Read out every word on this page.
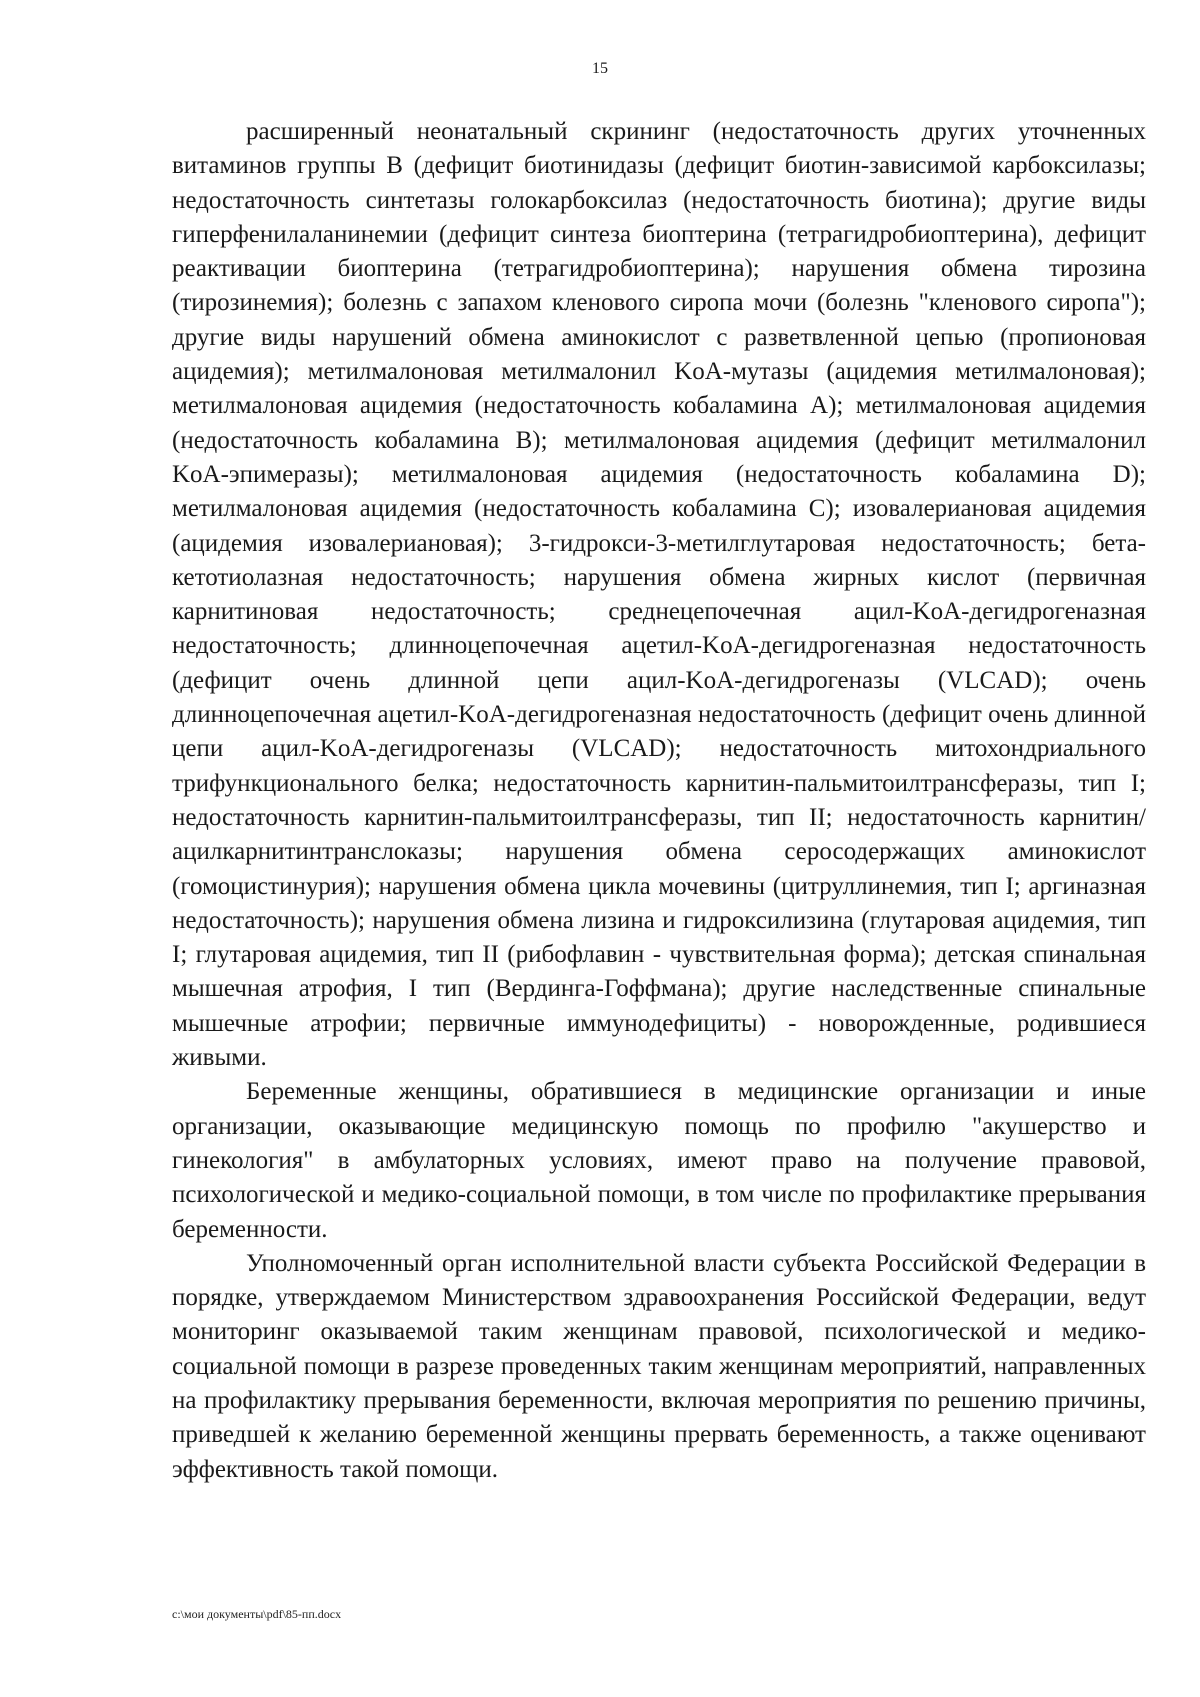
15

расширенный неонатальный скрининг (недостаточность других уточненных витаминов группы B (дефицит биотинидазы (дефицит биотин-зависимой карбоксилазы; недостаточность синтетазы голокарбоксилаз (недостаточность биотина); другие виды гиперфенилаланинемии (дефицит синтеза биоптерина (тетрагидробиоптерина), дефицит реактивации биоптерина (тетрагидробиоптерина); нарушения обмена тирозина (тирозинемия); болезнь с запахом кленового сиропа мочи (болезнь "кленового сиропа"); другие виды нарушений обмена аминокислот с разветвленной цепью (пропионовая ацидемия); метилмалоновая метилмалонил KoA-мутазы (ацидемия метилмалоновая); метилмалоновая ацидемия (недостаточность кобаламина A); метилмалоновая ацидемия (недостаточность кобаламина B); метилмалоновая ацидемия (дефицит метилмалонил KoA-эпимеразы); метилмалоновая ацидемия (недостаточность кобаламина D); метилмалоновая ацидемия (недостаточность кобаламина C); изовалериановая ацидемия (ацидемия изовалериановая); 3-гидрокси-3-метилглутаровая недостаточность; бета-кетотиолазная недостаточность; нарушения обмена жирных кислот (первичная карнитиновая недостаточность; среднецепочечная ацил-KoA-дегидрогеназная недостаточность; длинноцепочечная ацетил-KoA-дегидрогеназная недостаточность (дефицит очень длинной цепи ацил-KoA-дегидрогеназы (VLCAD); очень длинноцепочечная ацетил-KoA-дегидрогеназная недостаточность (дефицит очень длинной цепи ацил-KoA-дегидрогеназы (VLCAD); недостаточность митохондриального трифункционального белка; недостаточность карнитин-пальмитоилтрансферазы, тип I; недостаточность карнитин-пальмитоилтрансферазы, тип II; недостаточность карнитин/ацилкарнитинтранслоказы; нарушения обмена серосодержащих аминокислот (гомоцистинурия); нарушения обмена цикла мочевины (цитруллинемия, тип I; аргиназная недостаточность); нарушения обмена лизина и гидроксилизина (глутаровая ацидемия, тип I; глутаровая ацидемия, тип II (рибофлавин - чувствительная форма); детская спинальная мышечная атрофия, I тип (Вердинга-Гоффмана); другие наследственные спинальные мышечные атрофии; первичные иммунодефициты) - новорожденные, родившиеся живыми.

Беременные женщины, обратившиеся в медицинские организации и иные организации, оказывающие медицинскую помощь по профилю "акушерство и гинекология" в амбулаторных условиях, имеют право на получение правовой, психологической и медико-социальной помощи, в том числе по профилактике прерывания беременности.

Уполномоченный орган исполнительной власти субъекта Российской Федерации в порядке, утверждаемом Министерством здравоохранения Российской Федерации, ведут мониторинг оказываемой таким женщинам правовой, психологической и медико-социальной помощи в разрезе проведенных таким женщинам мероприятий, направленных на профилактику прерывания беременности, включая мероприятия по решению причины, приведшей к желанию беременной женщины прервать беременность, а также оценивают эффективность такой помощи.

c:\мои документы\pdf\85-пп.docx
